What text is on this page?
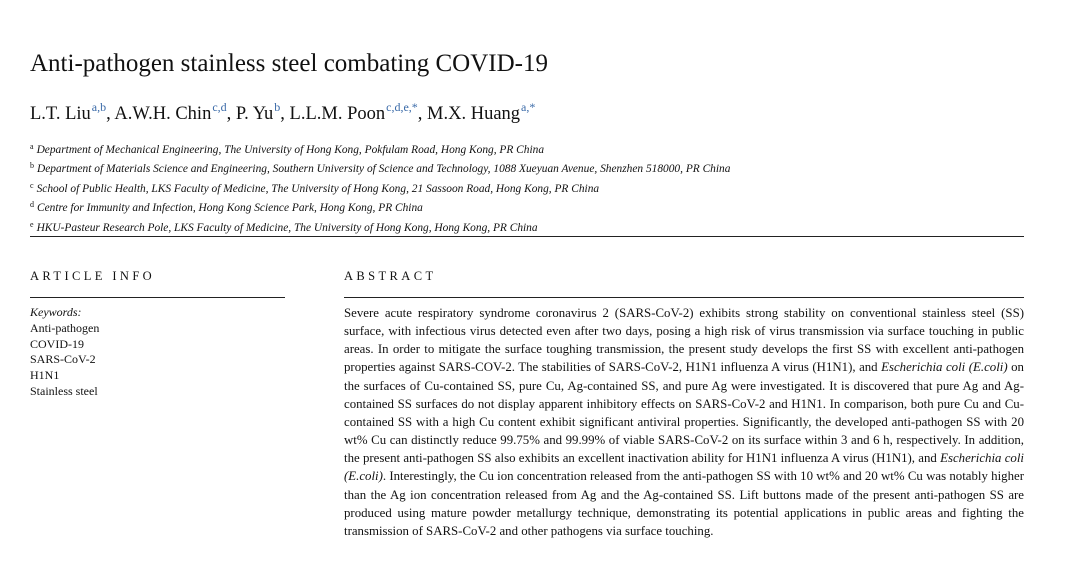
Anti-pathogen stainless steel combating COVID-19
L.T. Liu$^{a,b}$, A.W.H. Chin$^{c,d}$, P. Yu$^b$, L.L.M. Poon$^{c,d,e,*}$, M.X. Huang$^{a,*}$
$^a$ Department of Mechanical Engineering, The University of Hong Kong, Pokfulam Road, Hong Kong, PR China
$^b$ Department of Materials Science and Engineering, Southern University of Science and Technology, 1088 Xueyuan Avenue, Shenzhen 518000, PR China
$^c$ School of Public Health, LKS Faculty of Medicine, The University of Hong Kong, 21 Sassoon Road, Hong Kong, PR China
$^d$ Centre for Immunity and Infection, Hong Kong Science Park, Hong Kong, PR China
$^e$ HKU-Pasteur Research Pole, LKS Faculty of Medicine, The University of Hong Kong, Hong Kong, PR China
ARTICLE INFO	ABSTRACT
Keywords:
Anti-pathogen
COVID-19
SARS-CoV-2
H1N1
Stainless steel

Severe acute respiratory syndrome coronavirus 2 (SARS-CoV-2) exhibits strong stability on conventional stainless steel (SS) surface, with infectious virus detected even after two days, posing a high risk of virus transmission via surface touching in public areas. In order to mitigate the surface toughing transmission, the present study develops the first SS with excellent anti-pathogen properties against SARS-COV-2. The stabilities of SARS-CoV-2, H1N1 influenza A virus (H1N1), and Escherichia coli (E.coli) on the surfaces of Cu-contained SS, pure Cu, Ag-contained SS, and pure Ag were investigated. It is discovered that pure Ag and Ag-contained SS surfaces do not display apparent inhibitory effects on SARS-CoV-2 and H1N1. In comparison, both pure Cu and Cu-contained SS with a high Cu content exhibit significant antiviral properties. Significantly, the developed anti-pathogen SS with 20 wt% Cu can distinctly reduce 99.75% and 99.99% of viable SARS-CoV-2 on its surface within 3 and 6 h, respectively. In addition, the present anti-pathogen SS also exhibits an excellent inactivation ability for H1N1 influenza A virus (H1N1), and Escherichia coli (E.coli). Interestingly, the Cu ion concentration released from the anti-pathogen SS with 10 wt% and 20 wt% Cu was notably higher than the Ag ion concentration released from Ag and the Ag-contained SS. Lift buttons made of the present anti-pathogen SS are produced using mature powder metallurgy technique, demonstrating its potential applications in public areas and fighting the transmission of SARS-CoV-2 and other pathogens via surface touching.
